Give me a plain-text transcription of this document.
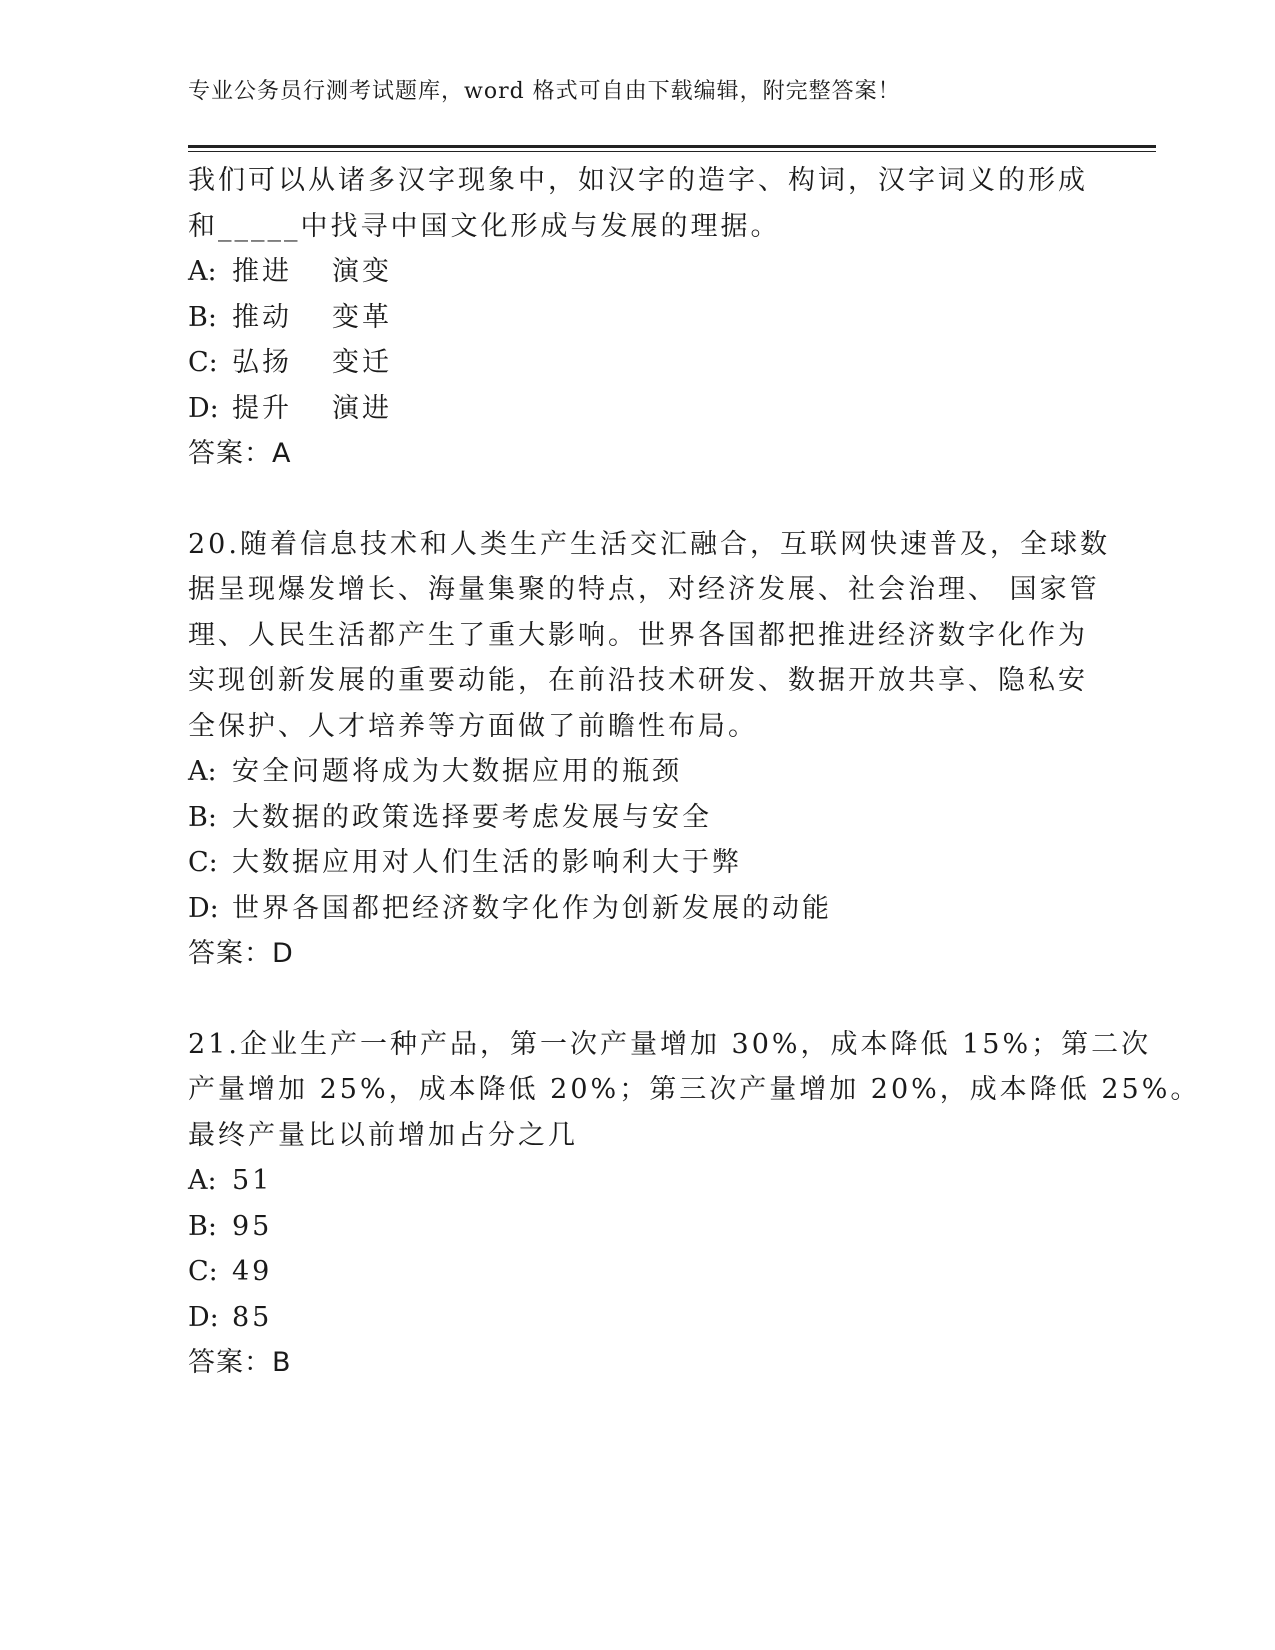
专业公务员行测考试题库，word 格式可自由下载编辑，附完整答案！
我们可以从诸多汉字现象中，如汉字的造字、构词，汉字词义的形成
和_____中找寻中国文化形成与发展的理据。
A: 推进 演变
B: 推动 变革
C: 弘扬 变迁
D: 提升 演进
答案：A
20.随着信息技术和人类生产生活交汇融合，互联网快速普及，全球数
据呈现爆发增长、海量集聚的特点，对经济发展、社会治理、 国家管
理、人民生活都产生了重大影响。世界各国都把推进经济数字化作为
实现创新发展的重要动能，在前沿技术研发、数据开放共享、隐私安
全保护、人才培养等方面做了前瞻性布局。
A: 安全问题将成为大数据应用的瓶颈
B: 大数据的政策选择要考虑发展与安全
C: 大数据应用对人们生活的影响利大于弊
D: 世界各国都把经济数字化作为创新发展的动能
答案：D
21.企业生产一种产品，第一次产量增加 30%，成本降低 15%；第二次
产量增加 25%，成本降低 20%；第三次产量增加 20%，成本降低 25%。
最终产量比以前增加占分之几
A: 51
B: 95
C: 49
D: 85
答案：B
